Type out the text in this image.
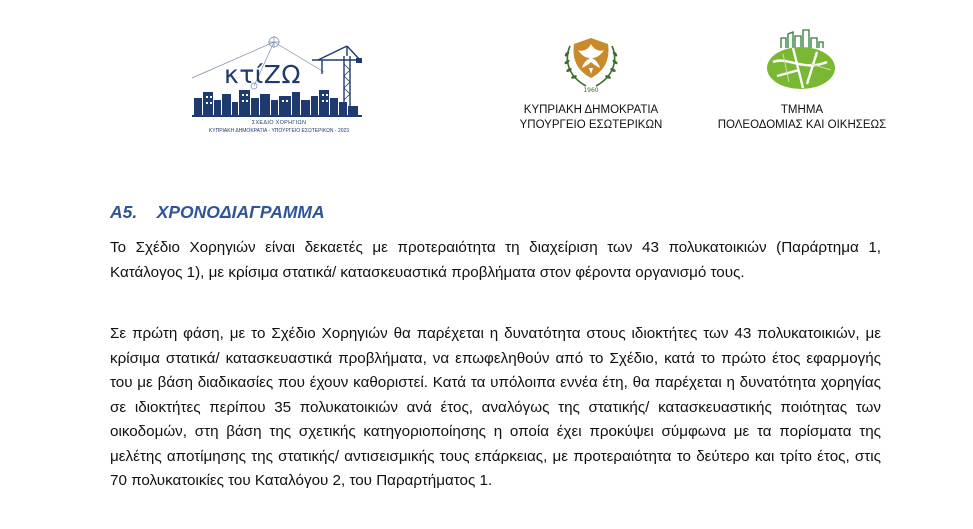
κτίΖΩ
ΣΧΕΔΙΟ ΧΟΡΗΓΙΩΝ
ΚΥΠΡΙΑΚΗ ΔΗΜΟΚΡΑΤΙΑ - ΥΠΟΥΡΓΕΙΟ ΕΣΩΤΕΡΙΚΩΝ - 2023
1960
ΚΥΠΡΙΑΚΗ ΔΗΜΟΚΡΑΤΙΑ
ΥΠΟΥΡΓΕΙΟ ΕΣΩΤΕΡΙΚΩΝ
ΤΜΗΜΑ
ΠΟΛΕΟΔΟΜΙΑΣ ΚΑΙ ΟΙΚΗΣΕΩΣ
Α5. ΧΡΟΝΟΔΙΑΓΡΑΜΜΑ

Το Σχέδιο Χορηγιών είναι δεκαετές με προτεραιότητα τη διαχείριση των 43 πολυκατοικιών (Παράρτημα 1, Κατάλογος 1), με κρίσιμα στατικά/ κατασκευαστικά προβλήματα στον φέροντα οργανισμό τους.

Σε πρώτη φάση, με το Σχέδιο Χορηγιών θα παρέχεται η δυνατότητα στους ιδιοκτήτες των 43 πολυκατοικιών, με κρίσιμα στατικά/ κατασκευαστικά προβλήματα, να επωφεληθούν από το Σχέδιο, κατά το πρώτο έτος εφαρμογής του με βάση διαδικασίες που έχουν καθοριστεί. Κατά τα υπόλοιπα εννέα έτη, θα παρέχεται η δυνατότητα χορηγίας σε ιδιοκτήτες περίπου 35 πολυκατοικιών ανά έτος, αναλόγως της στατικής/ κατασκευαστικής ποιότητας των οικοδομών, στη βάση της σχετικής κατηγοριοποίησης η οποία έχει προκύψει σύμφωνα με τα πορίσματα της μελέτης αποτίμησης της στατικής/ αντισεισμικής τους επάρκειας, με προτεραιότητα το δεύτερο και τρίτο έτος, στις 70 πολυκατοικίες του Καταλόγου 2, του Παραρτήματος 1.
